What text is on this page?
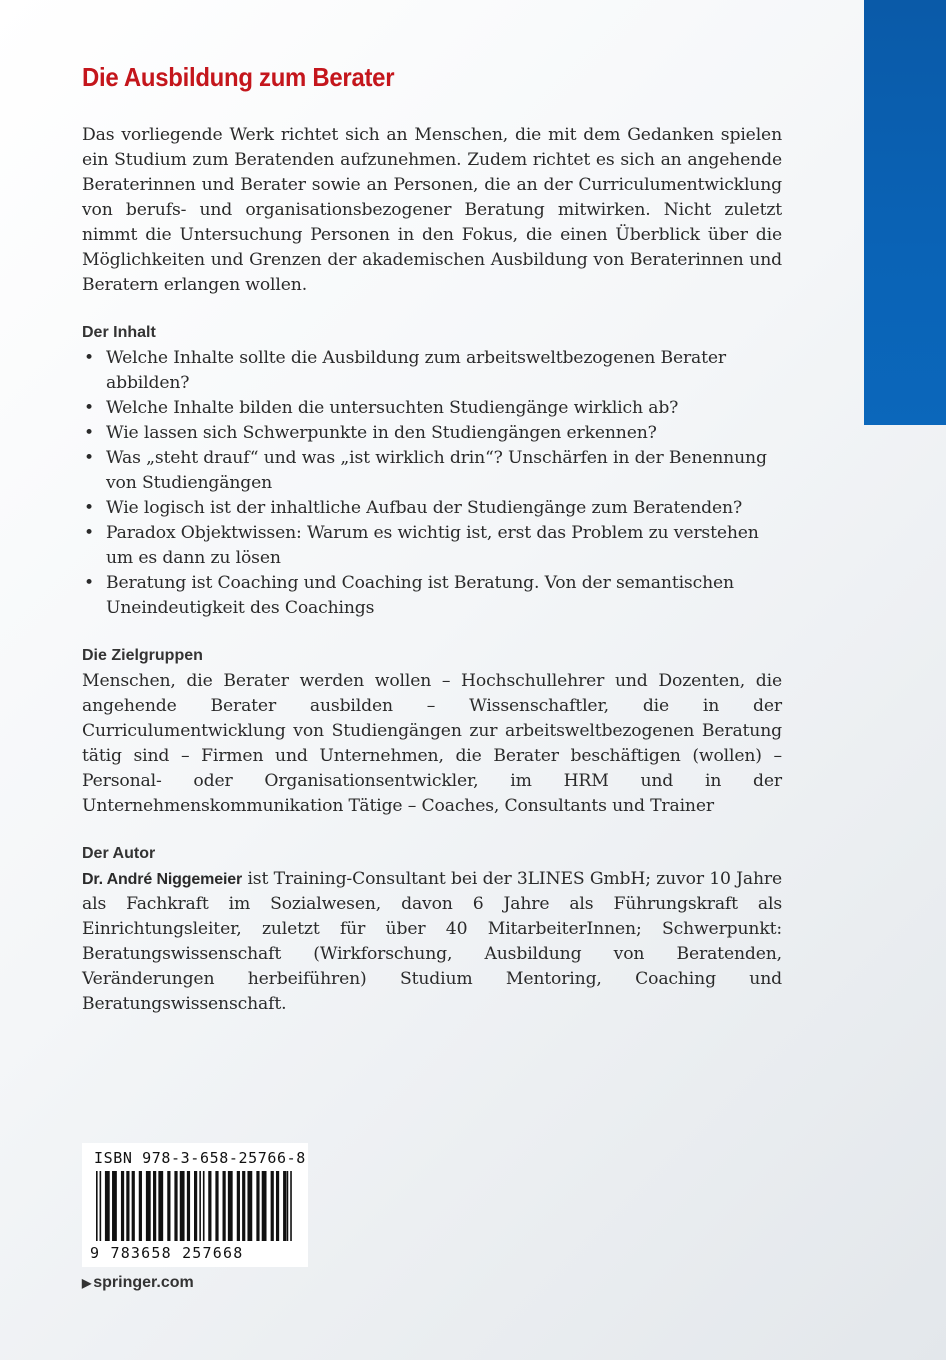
Die Ausbildung zum Berater

Das vorliegende Werk richtet sich an Menschen, die mit dem Gedanken spielen ein Studium zum Beratenden aufzunehmen. Zudem richtet es sich an angehende Beraterinnen und Berater sowie an Personen, die an der Curriculumentwicklung von berufs- und organisationsbezogener Beratung mitwirken. Nicht zuletzt nimmt die Untersuchung Personen in den Fokus, die einen Überblick über die Möglichkeiten und Grenzen der akademischen Ausbildung von Beraterinnen und Beratern erlangen wollen.

Der Inhalt
• Welche Inhalte sollte die Ausbildung zum arbeitsweltbezogenen Berater abbilden?
• Welche Inhalte bilden die untersuchten Studiengänge wirklich ab?
• Wie lassen sich Schwerpunkte in den Studiengängen erkennen?
• Was „steht drauf“ und was „ist wirklich drin“? Unschärfen in der Benennung von Studiengängen
• Wie logisch ist der inhaltliche Aufbau der Studiengänge zum Beratenden?
• Paradox Objektwissen: Warum es wichtig ist, erst das Problem zu verstehen um es dann zu lösen
• Beratung ist Coaching und Coaching ist Beratung. Von der semantischen Uneindeutigkeit des Coachings
Die Zielgruppen

Menschen, die Berater werden wollen – Hochschullehrer und Dozenten, die angehende Berater ausbilden – Wissenschaftler, die in der Curriculumentwicklung von Studiengängen zur arbeitsweltbezogenen Beratung tätig sind – Firmen und Unternehmen, die Berater beschäftigen (wollen) – Personal- oder Organisationsentwickler, im HRM und in der Unternehmenskommunikation Tätige – Coaches, Consultants und Trainer

Der Autor

Dr. André Niggemeier ist Training-Consultant bei der 3LINES GmbH; zuvor 10 Jahre als Fachkraft im Sozialwesen, davon 6 Jahre als Führungskraft als Einrichtungsleiter, zuletzt für über 40 MitarbeiterInnen; Schwerpunkt: Beratungswissenschaft (Wirkforschung, Ausbildung von Beratenden, Veränderungen herbeiführen) Studium Mentoring, Coaching und Beratungswissenschaft.

ISBN 978-3-658-25766-8
9 783658 257668
▶ springer.com
